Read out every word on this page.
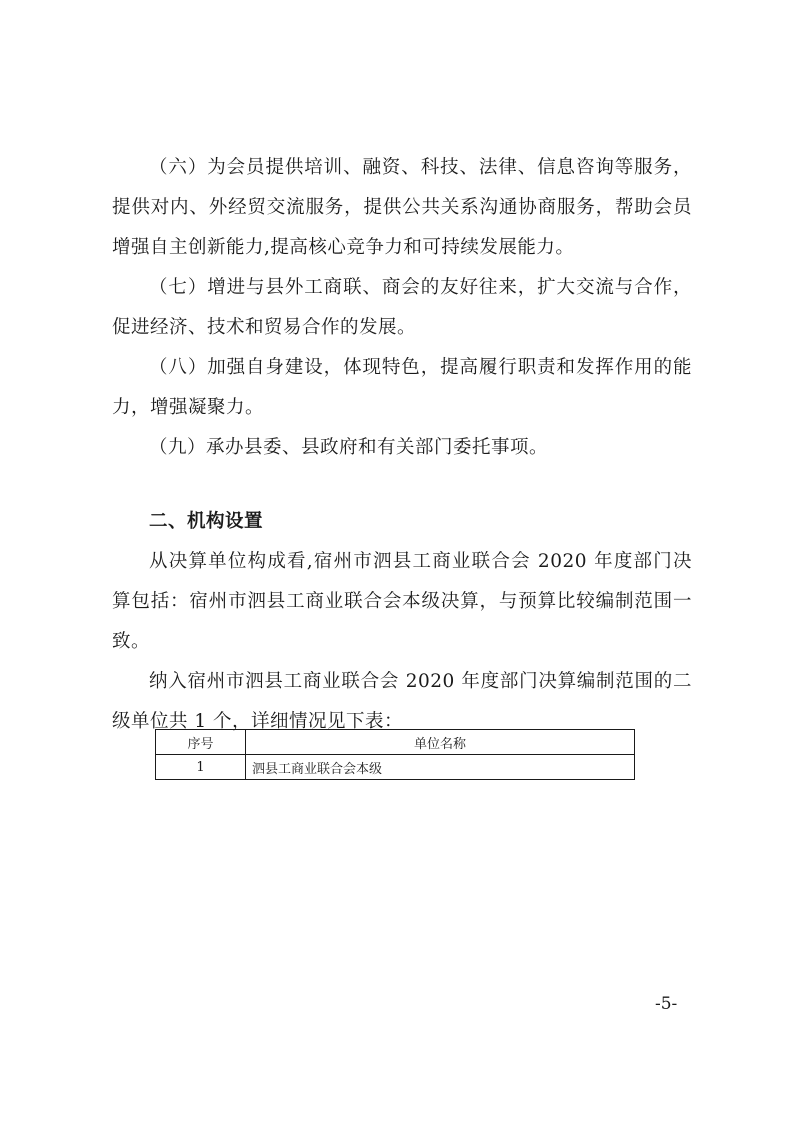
（六）为会员提供培训、融资、科技、法律、信息咨询等服务，提供对内、外经贸交流服务，提供公共关系沟通协商服务，帮助会员增强自主创新能力,提高核心竞争力和可持续发展能力。

（七）增进与县外工商联、商会的友好往来，扩大交流与合作，促进经济、技术和贸易合作的发展。

（八）加强自身建设，体现特色，提高履行职责和发挥作用的能力，增强凝聚力。

（九）承办县委、县政府和有关部门委托事项。

二、机构设置

从决算单位构成看,宿州市泗县工商业联合会 2020 年度部门决算包括：宿州市泗县工商业联合会本级决算，与预算比较编制范围一致。

纳入宿州市泗县工商业联合会 2020 年度部门决算编制范围的二级单位共 1 个，详细情况见下表：

序号	单位名称
1	泗县工商业联合会本级
-5-
